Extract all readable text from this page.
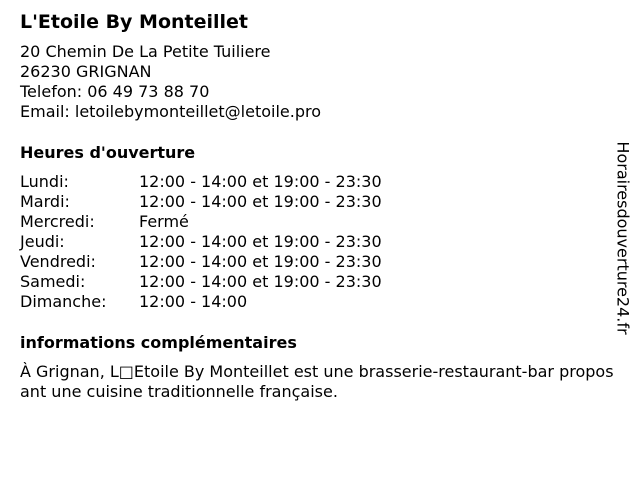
L'Etoile By Monteillet
20 Chemin De La Petite Tuiliere
26230 GRIGNAN
Telefon: 06 49 73 88 70
Email: letoilebymonteillet@letoile.pro
Heures d'ouverture
Lundi:	12:00 - 14:00 et 19:00 - 23:30
Mardi:	12:00 - 14:00 et 19:00 - 23:30
Mercredi:	Fermé
Jeudi:	12:00 - 14:00 et 19:00 - 23:30
Vendredi:	12:00 - 14:00 et 19:00 - 23:30
Samedi:	12:00 - 14:00 et 19:00 - 23:30
Dimanche:	12:00 - 14:00
informations complémentaires
À Grignan, L□Etoile By Monteillet est une brasserie-restaurant-bar proposant une cuisine traditionnelle française.
Horairesdouverture24.fr
